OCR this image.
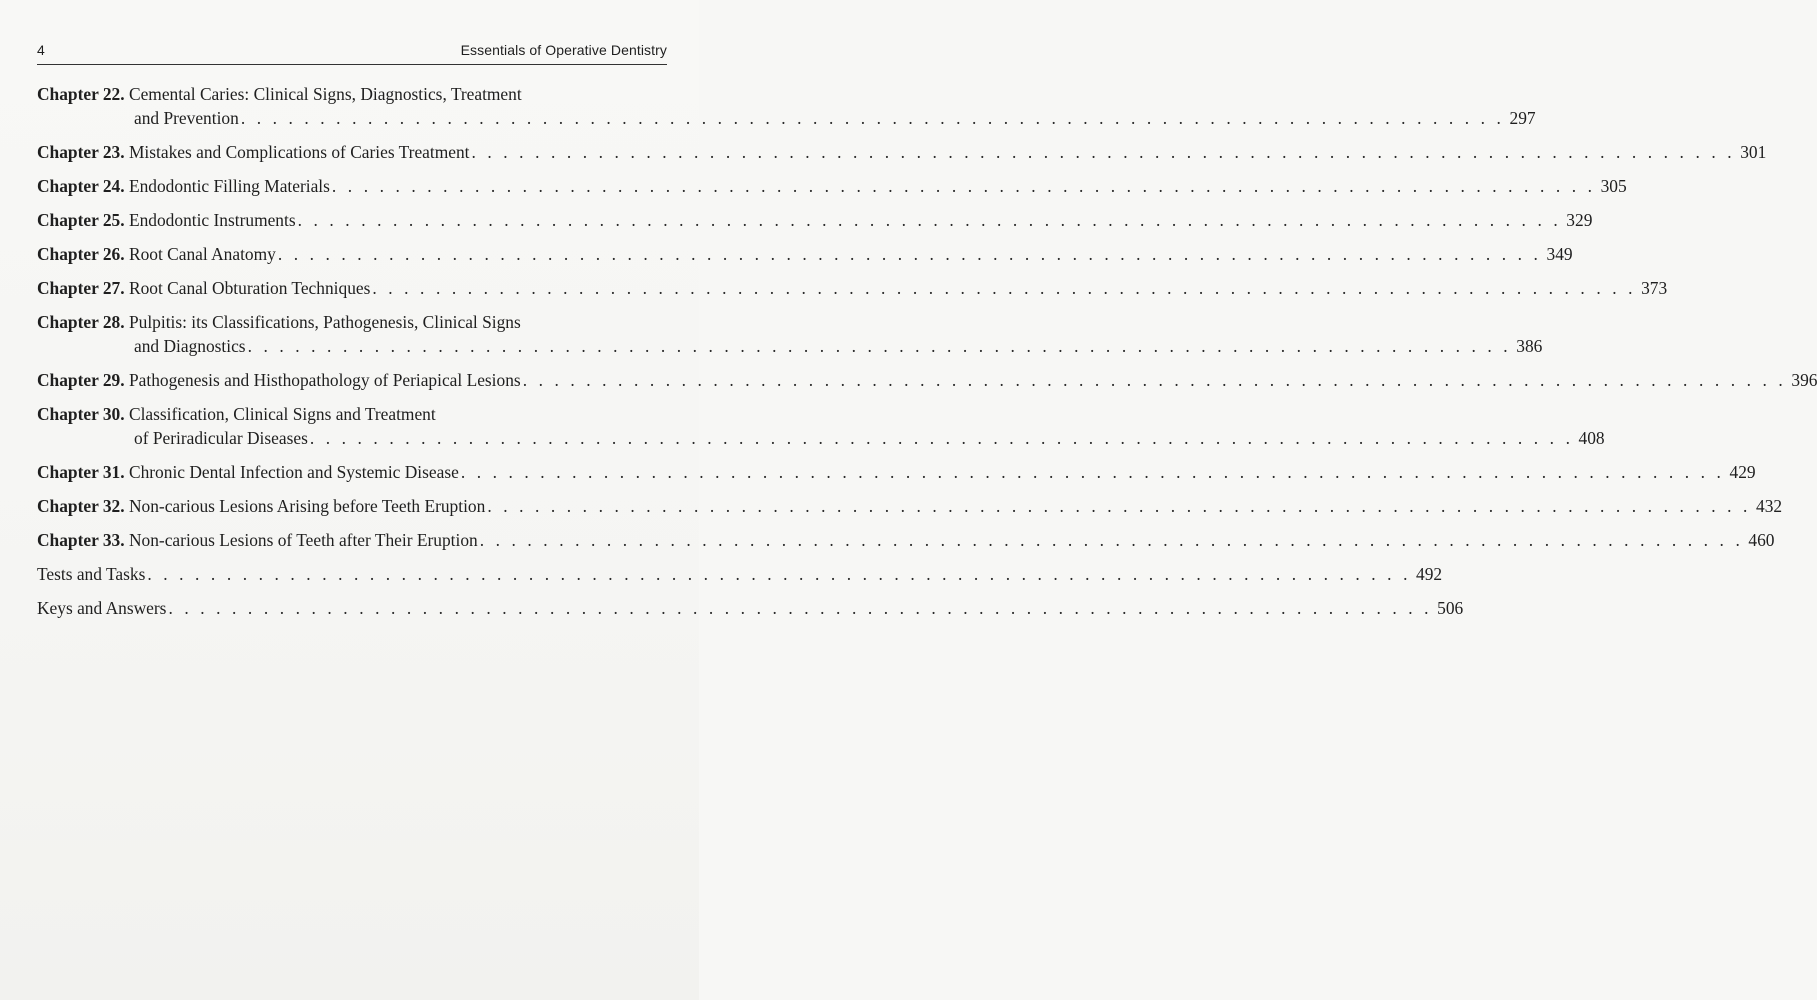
4	Essentials of Operative Dentistry
Chapter 22.
Cemental Caries: Clinical Signs, Diagnostics, Treatment
and Prevention . . . . . . . . . . . . . . . . . . . . . . . . . . . . . . . . . . . . . . . . . . . . . . . . . . . . . . . . . . . . . . . . . . . . . . . . . . . . . . . . 297
Chapter 23.
Mistakes and Complications of Caries Treatment . . . . . . . . . . . . . . . . . . . . . . . . . . . . . . . . . . . . . . . . . . . . . . . . . . . . . . . . . . . . . . . . . . . . . . . . . . . . . . . . 301
Chapter 24.
Endodontic Filling Materials . . . . . . . . . . . . . . . . . . . . . . . . . . . . . . . . . . . . . . . . . . . . . . . . . . . . . . . . . . . . . . . . . . . . . . . . . . . . . . . . 305
Chapter 25.
Endodontic Instruments . . . . . . . . . . . . . . . . . . . . . . . . . . . . . . . . . . . . . . . . . . . . . . . . . . . . . . . . . . . . . . . . . . . . . . . . . . . . . . . . 329
Chapter 26.
Root Canal Anatomy . . . . . . . . . . . . . . . . . . . . . . . . . . . . . . . . . . . . . . . . . . . . . . . . . . . . . . . . . . . . . . . . . . . . . . . . . . . . . . . . 349
Chapter 27.
Root Canal Obturation Techniques . . . . . . . . . . . . . . . . . . . . . . . . . . . . . . . . . . . . . . . . . . . . . . . . . . . . . . . . . . . . . . . . . . . . . . . . . . . . . . . . 373
Chapter 28.
Pulpitis: its Classifications, Pathogenesis, Clinical Signs
and Diagnostics . . . . . . . . . . . . . . . . . . . . . . . . . . . . . . . . . . . . . . . . . . . . . . . . . . . . . . . . . . . . . . . . . . . . . . . . . . . . . . . . 386
Chapter 29.
Pathogenesis and Histhopathology of Periapical Lesions . . . . . . . . . . . . . . . . . . . . . . . . . . . . . . . . . . . . . . . . . . . . . . . . . . . . . . . . . . . . . . . . . . . . . . . . . . . . . . . . 396
Chapter 30.
Classification, Clinical Signs and Treatment
of Periradicular Diseases . . . . . . . . . . . . . . . . . . . . . . . . . . . . . . . . . . . . . . . . . . . . . . . . . . . . . . . . . . . . . . . . . . . . . . . . . . . . . . . . 408
Chapter 31.
Chronic Dental Infection and Systemic Disease . . . . . . . . . . . . . . . . . . . . . . . . . . . . . . . . . . . . . . . . . . . . . . . . . . . . . . . . . . . . . . . . . . . . . . . . . . . . . . . . 429
Chapter 32.
Non-carious Lesions Arising before Teeth Eruption . . . . . . . . . . . . . . . . . . . . . . . . . . . . . . . . . . . . . . . . . . . . . . . . . . . . . . . . . . . . . . . . . . . . . . . . . . . . . . . . 432
Chapter 33.
Non-carious Lesions of Teeth after Their Eruption . . . . . . . . . . . . . . . . . . . . . . . . . . . . . . . . . . . . . . . . . . . . . . . . . . . . . . . . . . . . . . . . . . . . . . . . . . . . . . . . 460
Tests and Tasks . . . . . . . . . . . . . . . . . . . . . . . . . . . . . . . . . . . . . . . . . . . . . . . . . . . . . . . . . . . . . . . . . . . . . . . . . . . . . . . . 492
Keys and Answers . . . . . . . . . . . . . . . . . . . . . . . . . . . . . . . . . . . . . . . . . . . . . . . . . . . . . . . . . . . . . . . . . . . . . . . . . . . . . . . . 506
